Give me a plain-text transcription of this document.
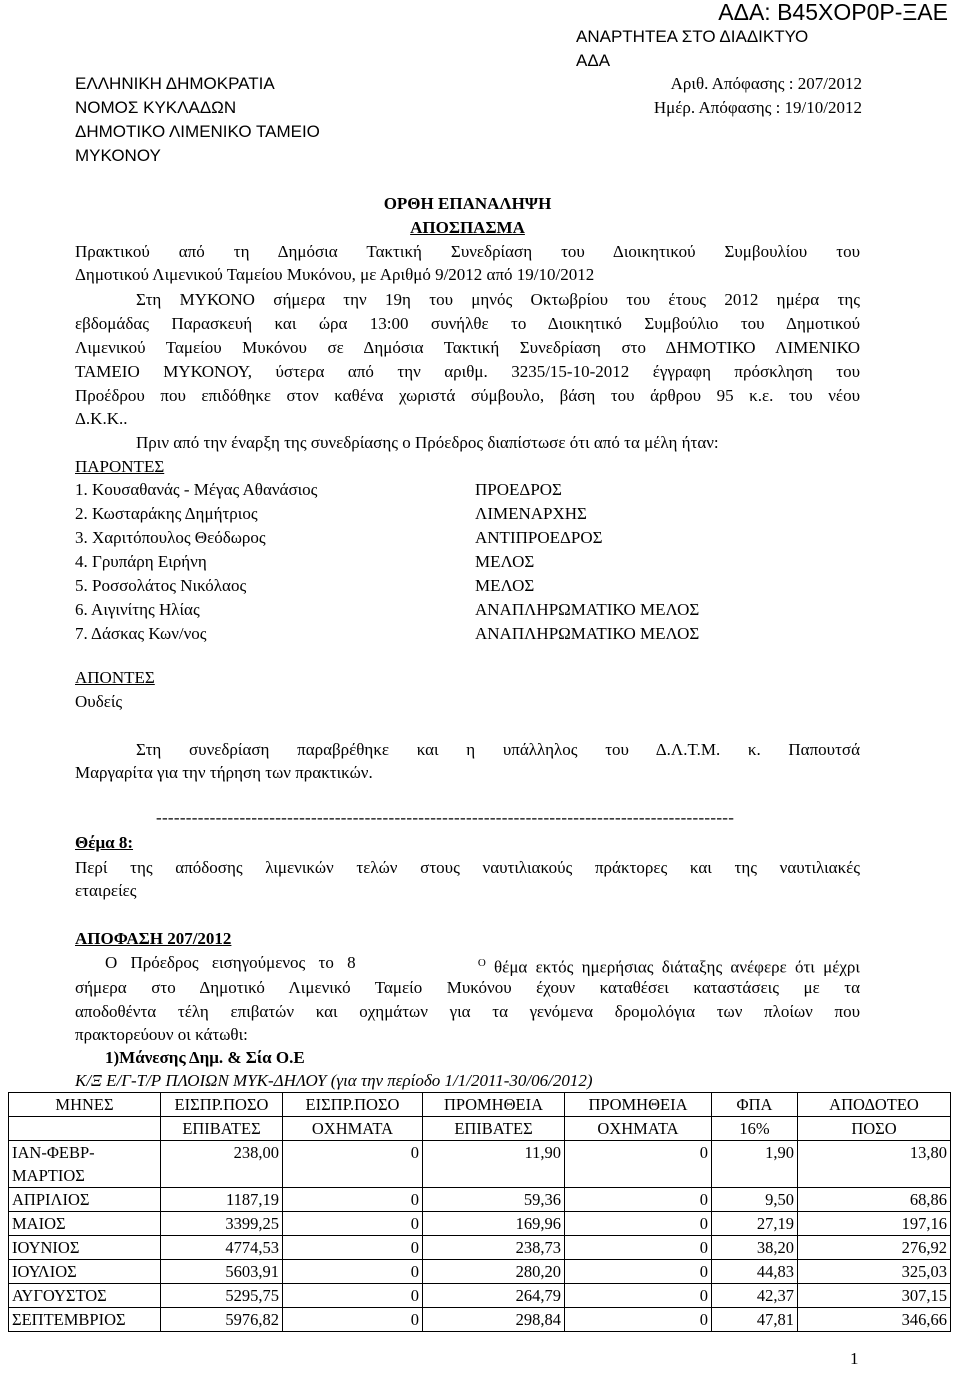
ΑΔΑ: Β45ΧΟΡ0Ρ-ΞΑΕ
ΑΝΑΡΤΗΤΕΑ ΣΤΟ ΔΙΑΔΙΚΤΥΟ
ΑΔΑ
ΕΛΛΗΝΙΚΗ ΔΗΜΟΚΡΑΤΙΑ
ΝΟΜΟΣ ΚΥΚΛΑΔΩΝ
ΔΗΜΟΤΙΚΟ ΛΙΜΕΝΙΚΟ ΤΑΜΕΙΟ
ΜΥΚΟΝΟΥ
Αριθ. Απόφασης : 207/2012
Ημέρ. Απόφασης : 19/10/2012
ΟΡΘΗ ΕΠΑΝΑΛΗΨΗ
ΑΠΟΣΠΑΣΜΑ
Πρακτικού από τη Δημόσια Τακτική Συνεδρίαση του Διοικητικού Συμβουλίου του
Δημοτικού Λιμενικού Ταμείου Μυκόνου, με Αριθμό 9/2012 από 19/10/2012
Στη ΜΥΚΟΝΟ σήμερα την 19η του μηνός Οκτωβρίου του έτους 2012 ημέρα της
εβδομάδας Παρασκευή και ώρα 13:00 συνήλθε το Διοικητικό Συμβούλιο του Δημοτικού
Λιμενικού Ταμείου Μυκόνου σε Δημόσια Τακτική Συνεδρίαση στο ΔΗΜΟΤΙΚΟ ΛΙΜΕΝΙΚΟ
ΤΑΜΕΙΟ ΜΥΚΟΝΟΥ, ύστερα από την αριθμ. 3235/15-10-2012 έγγραφη πρόσκληση του
Προέδρου που επιδόθηκε στον καθένα χωριστά σύμβουλο, βάση του άρθρου 95 κ.ε. του νέου
Δ.Κ.Κ..
Πριν από την έναρξη της συνεδρίασης ο Πρόεδρος διαπίστωσε ότι από τα μέλη ήταν:
ΠΑΡΟΝΤΕΣ
1. Κουσαθανάς - Μέγας Αθανάσιος	ΠΡΟΕΔΡΟΣ
2. Κωσταράκης Δημήτριος	ΛΙΜΕΝΑΡΧΗΣ
3. Χαριτόπουλος Θεόδωρος	ΑΝΤΙΠΡΟΕΔΡΟΣ
4. Γρυπάρη Ειρήνη	ΜΕΛΟΣ
5. Ροσσολάτος Νικόλαος	ΜΕΛΟΣ
6. Αιγινίτης Ηλίας	ΑΝΑΠΛΗΡΩΜΑΤΙΚΟ ΜΕΛΟΣ
7. Δάσκας Κων/νος	ΑΝΑΠΛΗΡΩΜΑΤΙΚΟ ΜΕΛΟΣ
ΑΠΟΝΤΕΣ
Ουδείς
Στη συνεδρίαση παραβρέθηκε και η υπάλληλος του Δ.Λ.Τ.Μ. κ. Παπουτσά
Μαργαρίτα για την τήρηση των πρακτικών.
-------------------------------------------------------------------------------------------------
Θέμα 8:
Περί της απόδοσης λιμενικών τελών στους ναυτιλιακούς πράκτορες και της ναυτιλιακές
εταιρείες
ΑΠΟΦΑΣΗ 207/2012
Ο Πρόεδρος εισηγούμενος το 8	$^O$ θέμα εκτός ημερήσιας διάταξης ανέφερε ότι μέχρι
σήμερα στο Δημοτικό Λιμενικό Ταμείο Μυκόνου έχουν καταθέσει καταστάσεις με τα
αποδοθέντα τέλη επιβατών και οχημάτων για τα γενόμενα δρομολόγια των πλοίων που
πρακτορεύουν οι κάτωθι:
1)Μάνεσης Δημ. & Σία Ο.Ε
Κ/Ξ Ε/Γ-Τ/Ρ ΠΛΟΙΩΝ ΜΥΚ-ΔΗΛΟΥ (για την περίοδο 1/1/2011-30/06/2012)
ΜΗΝΕΣ	ΕΙΣΠΡ.ΠΟΣΟ	ΕΙΣΠΡ.ΠΟΣΟ	ΠΡΟΜΗΘΕΙΑ	ΠΡΟΜΗΘΕΙΑ	ΦΠΑ	ΑΠΟΔΟΤΕΟ
	ΕΠΙΒΑΤΕΣ	ΟΧΗΜΑΤΑ	ΕΠΙΒΑΤΕΣ	ΟΧΗΜΑΤΑ	16%	ΠΟΣΟ
ΙΑΝ-ΦΕΒΡ-
ΜΑΡΤΙΟΣ	238,00	0	11,90	0	1,90	13,80
ΑΠΡΙΛΙΟΣ	1187,19	0	59,36	0	9,50	68,86
ΜΑΙΟΣ	3399,25	0	169,96	0	27,19	197,16
ΙΟΥΝΙΟΣ	4774,53	0	238,73	0	38,20	276,92
ΙΟΥΛΙΟΣ	5603,91	0	280,20	0	44,83	325,03
ΑΥΓΟΥΣΤΟΣ	5295,75	0	264,79	0	42,37	307,15
ΣΕΠΤΕΜΒΡΙΟΣ	5976,82	0	298,84	0	47,81	346,66
1
